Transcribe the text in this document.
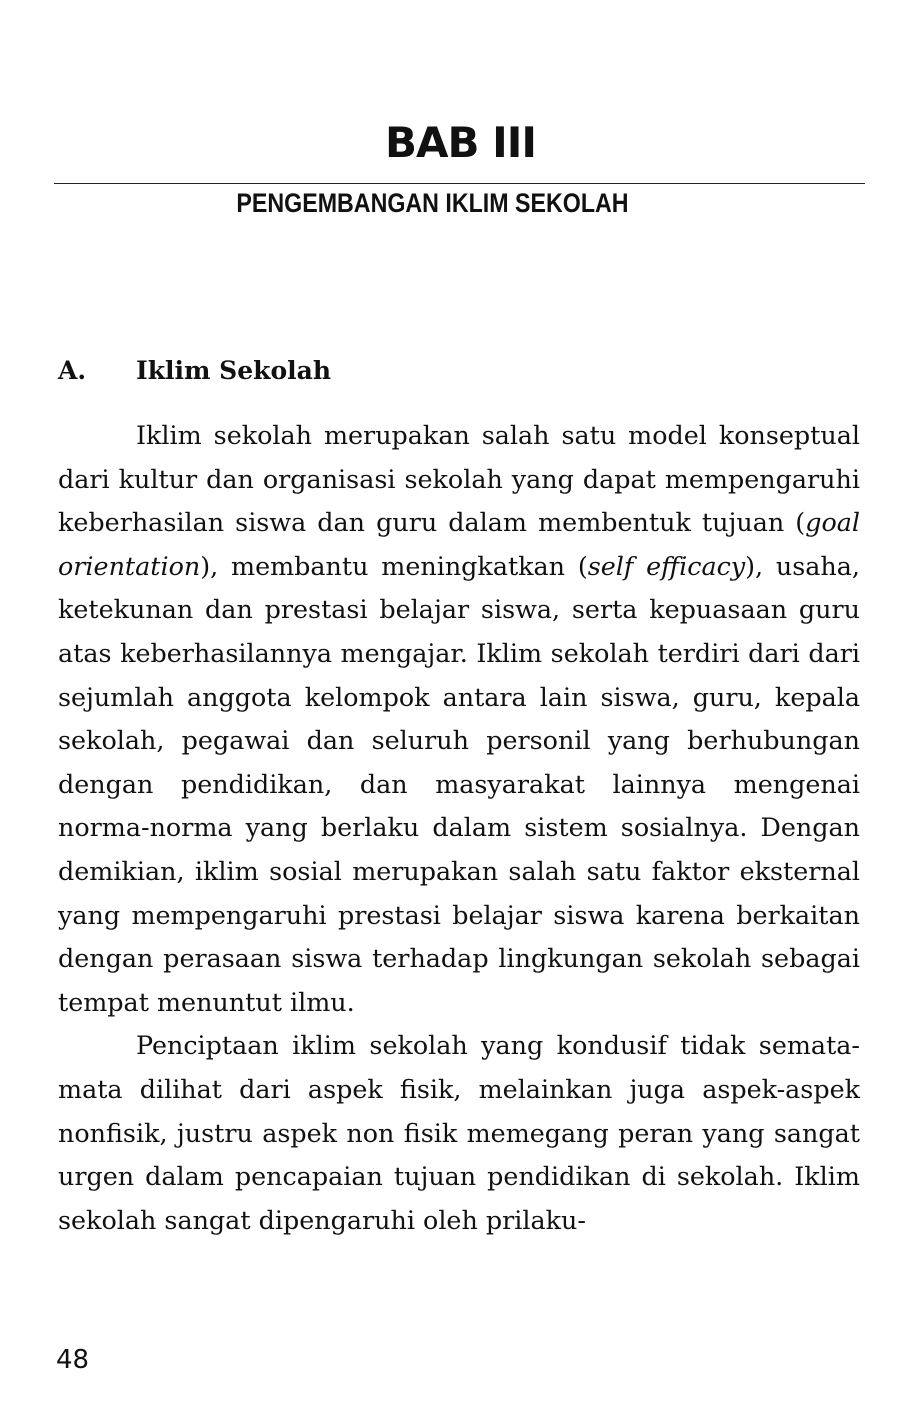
BAB III
PENGEMBANGAN IKLIM SEKOLAH
A. Iklim Sekolah

Iklim sekolah merupakan salah satu model konseptual dari kultur dan organisasi sekolah yang dapat mempengaruhi keberhasilan siswa dan guru dalam membentuk tujuan (goal orientation), membantu meningkatkan (self efficacy), usaha, ketekunan dan prestasi belajar siswa, serta kepuasaan guru atas keberhasilannya mengajar. Iklim sekolah terdiri dari dari sejumlah anggota kelompok antara lain siswa, guru, kepala sekolah, pegawai dan seluruh personil yang berhubungan dengan pendidikan, dan masyarakat lainnya mengenai norma-norma yang berlaku dalam sistem sosialnya. Dengan demikian, iklim sosial merupakan salah satu faktor eksternal yang mempengaruhi prestasi belajar siswa karena berkaitan dengan perasaan siswa terhadap lingkungan sekolah sebagai tempat menuntut ilmu.

Penciptaan iklim sekolah yang kondusif tidak semata-mata dilihat dari aspek fisik, melainkan juga aspek-aspek nonfisik, justru aspek non fisik memegang peran yang sangat urgen dalam pencapaian tujuan pendidikan di sekolah. Iklim sekolah sangat dipengaruhi oleh prilaku-

48
